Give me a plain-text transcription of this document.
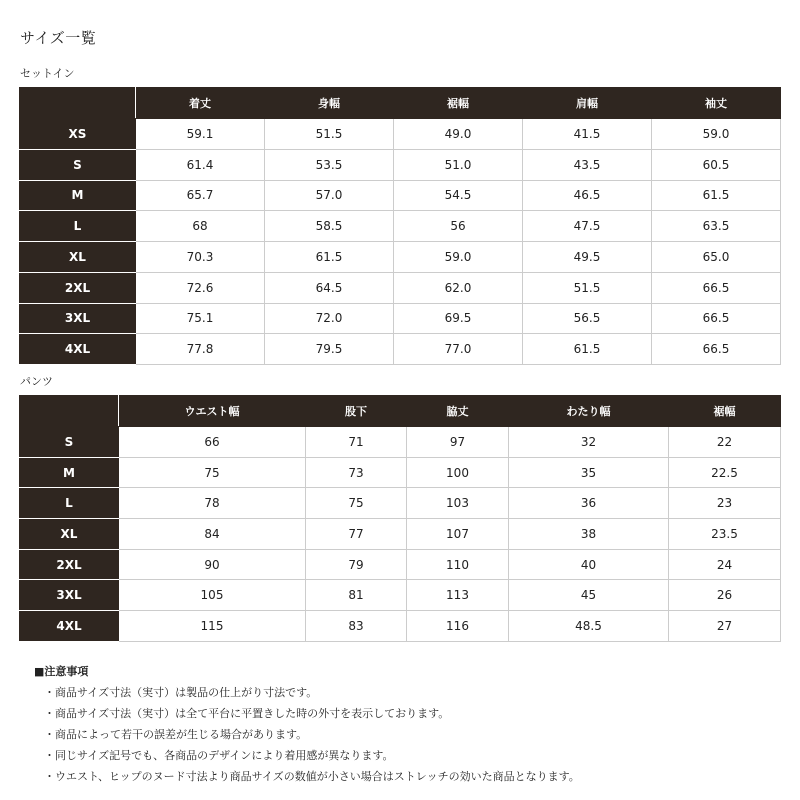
サイズ一覧
セットイン
	着丈	身幅	裾幅	肩幅	袖丈
XS	59.1	51.5	49.0	41.5	59.0
S	61.4	53.5	51.0	43.5	60.5
M	65.7	57.0	54.5	46.5	61.5
L	68	58.5	56	47.5	63.5
XL	70.3	61.5	59.0	49.5	65.0
2XL	72.6	64.5	62.0	51.5	66.5
3XL	75.1	72.0	69.5	56.5	66.5
4XL	77.8	79.5	77.0	61.5	66.5
パンツ
	ウエスト幅	股下	脇丈	わたり幅	裾幅
S	66	71	97	32	22
M	75	73	100	35	22.5
L	78	75	103	36	23
XL	84	77	107	38	23.5
2XL	90	79	110	40	24
3XL	105	81	113	45	26
4XL	115	83	116	48.5	27
■注意事項
・商品サイズ寸法（実寸）は製品の仕上がり寸法です。
・商品サイズ寸法（実寸）は全て平台に平置きした時の外寸を表示しております。
・商品によって若干の誤差が生じる場合があります。
・同じサイズ記号でも、各商品のデザインにより着用感が異なります。
・ウエスト、ヒップのヌード寸法より商品サイズの数値が小さい場合はストレッチの効いた商品となります。
